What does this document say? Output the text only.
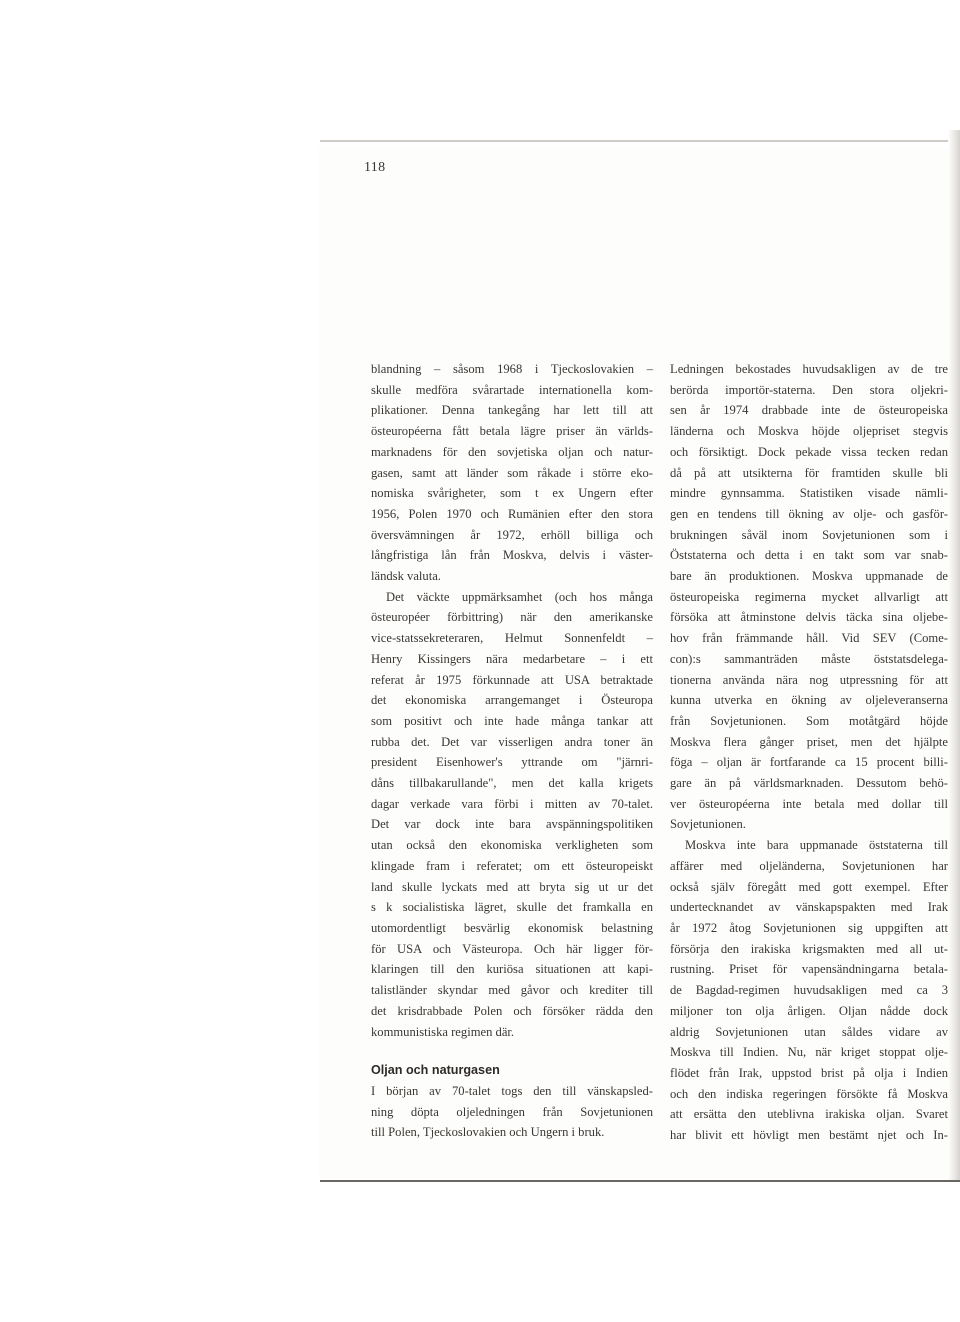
118
blandning – såsom 1968 i Tjeckoslovakien –
skulle medföra svårartade internationella kom-
plikationer. Denna tankegång har lett till att
östeuropéerna fått betala lägre priser än världs-
marknadens för den sovjetiska oljan och natur-
gasen, samt att länder som råkade i större eko-
nomiska svårigheter, som t ex Ungern efter
1956, Polen 1970 och Rumänien efter den stora
översvämningen år 1972, erhöll billiga och
långfristiga lån från Moskva, delvis i väster-
ländsk valuta.
Det väckte uppmärksamhet (och hos många
östeuropéer förbittring) när den amerikanske
vice-statssekreteraren, Helmut Sonnenfeldt –
Henry Kissingers nära medarbetare – i ett
referat år 1975 förkunnade att USA betraktade
det ekonomiska arrangemanget i Östeuropa
som positivt och inte hade många tankar att
rubba det. Det var visserligen andra toner än
president Eisenhower's yttrande om "järnri-
dåns tillbakarullande", men det kalla krigets
dagar verkade vara förbi i mitten av 70-talet.
Det var dock inte bara avspänningspolitiken
utan också den ekonomiska verkligheten som
klingade fram i referatet; om ett östeuropeiskt
land skulle lyckats med att bryta sig ut ur det
s k socialistiska lägret, skulle det framkalla en
utomordentligt besvärlig ekonomisk belastning
för USA och Västeuropa. Och här ligger för-
klaringen till den kuriösa situationen att kapi-
talistländer skyndar med gåvor och krediter till
det krisdrabbade Polen och försöker rädda den
kommunistiska regimen där.
Oljan och naturgasen
I början av 70-talet togs den till vänskapsled-
ning döpta oljeledningen från Sovjetunionen
till Polen, Tjeckoslovakien och Ungern i bruk.
Ledningen bekostades huvudsakligen av de tre
berörda importör-staterna. Den stora oljekri-
sen år 1974 drabbade inte de östeuropeiska
länderna och Moskva höjde oljepriset stegvis
och försiktigt. Dock pekade vissa tecken redan
då på att utsikterna för framtiden skulle bli
mindre gynnsamma. Statistiken visade nämli-
gen en tendens till ökning av olje- och gasför-
brukningen såväl inom Sovjetunionen som i
Öststaterna och detta i en takt som var snab-
bare än produktionen. Moskva uppmanade de
östeuropeiska regimerna mycket allvarligt att
försöka att åtminstone delvis täcka sina oljebe-
hov från främmande håll. Vid SEV (Come-
con):s sammanträden måste öststatsdelega-
tionerna använda nära nog utpressning för att
kunna utverka en ökning av oljeleveranserna
från Sovjetunionen. Som motåtgärd höjde
Moskva flera gånger priset, men det hjälpte
föga – oljan är fortfarande ca 15 procent billi-
gare än på världsmarknaden. Dessutom behö-
ver östeuropéerna inte betala med dollar till
Sovjetunionen.
Moskva inte bara uppmanade öststaterna till
affärer med oljeländerna, Sovjetunionen har
också själv föregått med gott exempel. Efter
undertecknandet av vänskapspakten med Irak
år 1972 åtog Sovjetunionen sig uppgiften att
försörja den irakiska krigsmakten med all ut-
rustning. Priset för vapensändningarna betala-
de Bagdad-regimen huvudsakligen med ca 3
miljoner ton olja årligen. Oljan nådde dock
aldrig Sovjetunionen utan såldes vidare av
Moskva till Indien. Nu, när kriget stoppat olje-
flödet från Irak, uppstod brist på olja i Indien
och den indiska regeringen försökte få Moskva
att ersätta den uteblivna irakiska oljan. Svaret
har blivit ett hövligt men bestämt njet och In-
